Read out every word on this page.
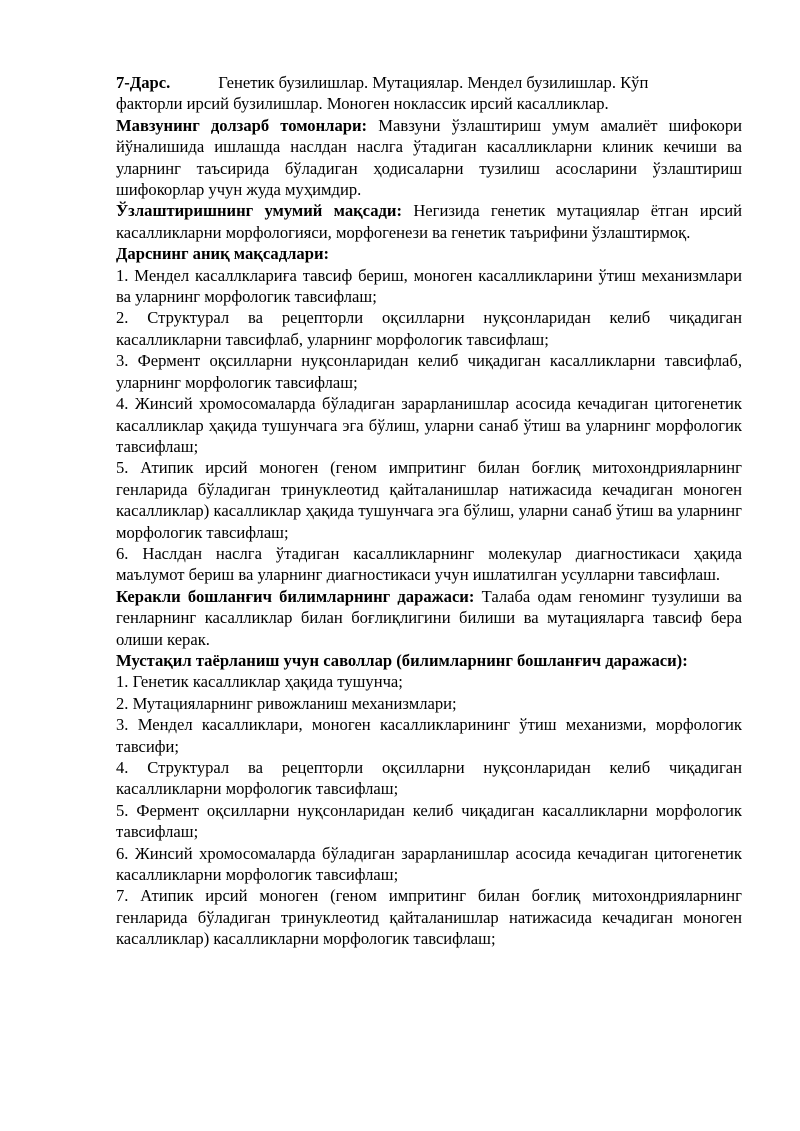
7-Дарс.	Генетик бузилишлар. Мутациялар. Мендел бузилишлар. Кўп

факторли ирсий бузилишлар. Моноген ноклассик ирсий касалликлар.

Мавзунинг долзарб томонлари: Мавзуни ўзлаштириш умум амалиёт шифокори йўналишида ишлашда наслдан наслга ўтадиган касалликларни клиник кечиши ва уларнинг таъсирида бўладиган ҳодисаларни тузилиш асосларини ўзлаштириш шифокорлар учун жуда муҳимдир.

Ўзлаштиришнинг умумий мақсади: Негизида генетик мутациялар ётган ирсий касалликларни морфологияси, морфогенези ва генетик таърифини ўзлаштирмоқ.

Дарснинг аниқ мақсадлари:

1. Мендел касаллклариға тавсиф бериш, моноген касалликларини ўтиш механизмлари ва уларнинг морфологик тавсифлаш;

2. Структурал ва рецепторли оқсилларни нуқсонларидан келиб чиқадиган касалликларни тавсифлаб, уларнинг морфологик тавсифлаш;

3. Фермент оқсилларни нуқсонларидан келиб чиқадиган касалликларни тавсифлаб, уларнинг морфологик тавсифлаш;

4. Жинсий хромосомаларда бўладиган зарарланишлар асосида кечадиган цитогенетик касалликлар ҳақида тушунчага эга бўлиш, уларни санаб ўтиш ва уларнинг морфологик тавсифлаш;

5. Атипик ирсий моноген (геном импритинг билан боғлиқ митохондрияларнинг генларида бўладиган тринуклеотид қайталанишлар натижасида кечадиган моноген касалликлар) касалликлар ҳақида тушунчага эга бўлиш, уларни санаб ўтиш ва уларнинг морфологик тавсифлаш;

6. Наслдан наслга ўтадиган касалликларнинг молекулар диагностикаси ҳақида маълумот бериш ва уларнинг диагностикаси учун ишлатилган усулларни тавсифлаш.

Керакли бошланғич билимларнинг даражаси: Талаба одам геноминг тузулиши ва генларнинг касалликлар билан боғлиқлигини билиши ва мутацияларга тавсиф бера олиши керак.

Мустақил таёрланиш учун саволлар (билимларнинг бошланғич даражаси):

1. Генетик касалликлар ҳақида тушунча;

2. Мутацияларнинг ривожланиш механизмлари;

3. Мендел касалликлари, моноген касалликларининг ўтиш механизми, морфологик тавсифи;

4. Структурал ва рецепторли оқсилларни нуқсонларидан келиб чиқадиган касалликларни морфологик тавсифлаш;

5. Фермент оқсилларни нуқсонларидан келиб чиқадиган касалликларни морфологик тавсифлаш;

6. Жинсий хромосомаларда бўладиган зарарланишлар асосида кечадиган цитогенетик касалликларни морфологик тавсифлаш;

7. Атипик ирсий моноген (геном импритинг билан боғлиқ митохондрияларнинг генларида бўладиган тринуклеотид қайталанишлар натижасида кечадиган моноген касалликлар) касалликларни морфологик тавсифлаш;
